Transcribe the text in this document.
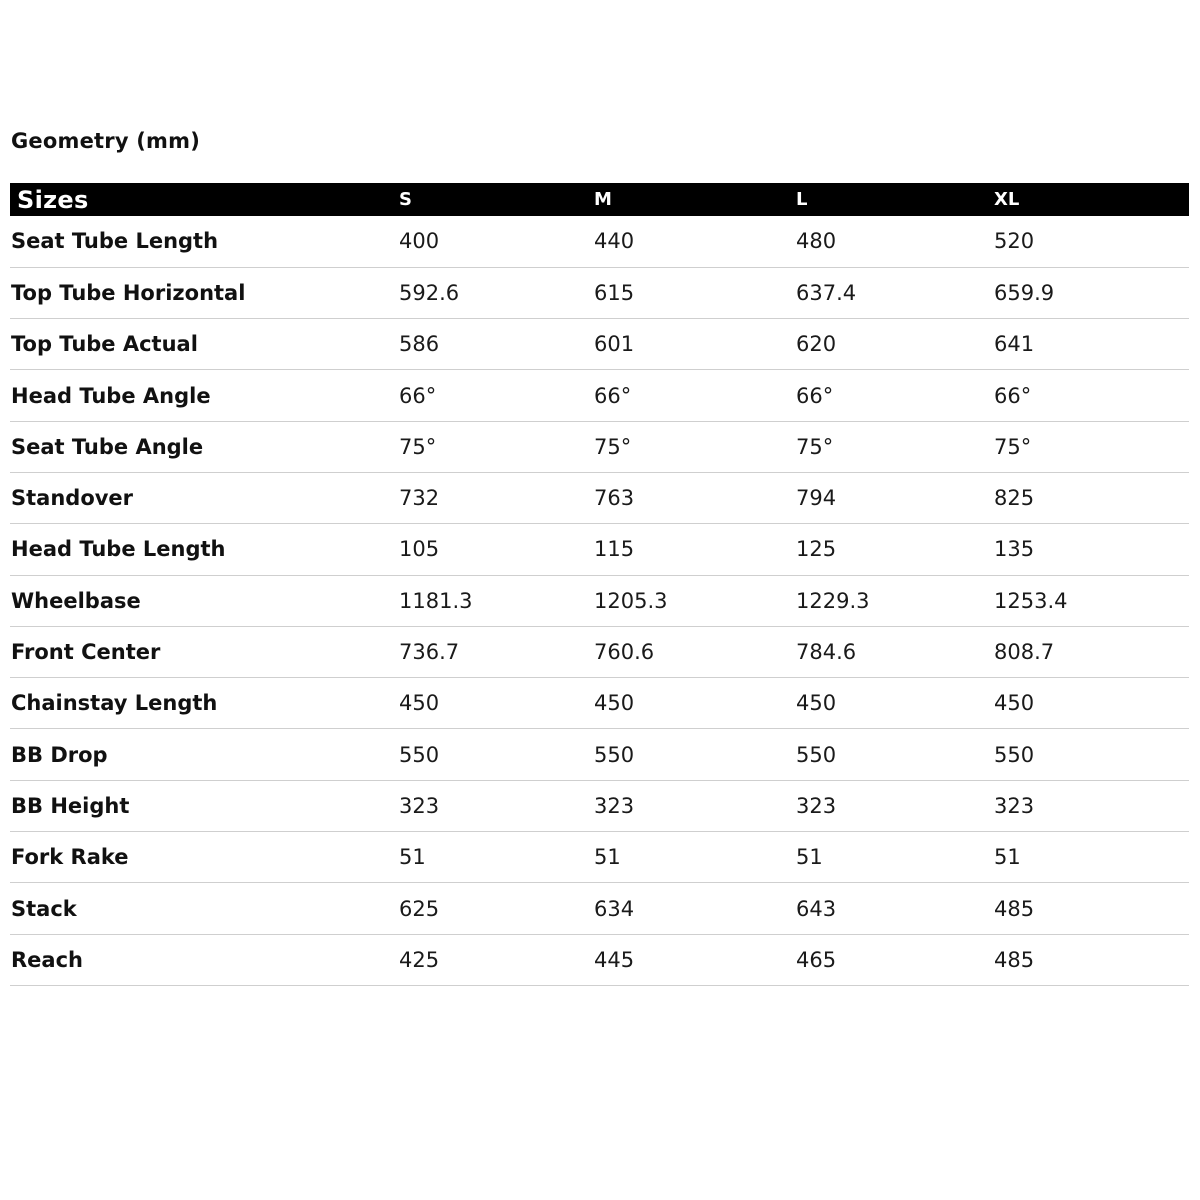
Geometry (mm)
Sizes	S	M	L	XL
Seat Tube Length	400	440	480	520
Top Tube Horizontal	592.6	615	637.4	659.9
Top Tube Actual	586	601	620	641
Head Tube Angle	66°	66°	66°	66°
Seat Tube Angle	75°	75°	75°	75°
Standover	732	763	794	825
Head Tube Length	105	115	125	135
Wheelbase	1181.3	1205.3	1229.3	1253.4
Front Center	736.7	760.6	784.6	808.7
Chainstay Length	450	450	450	450
BB Drop	550	550	550	550
BB Height	323	323	323	323
Fork Rake	51	51	51	51
Stack	625	634	643	485
Reach	425	445	465	485
